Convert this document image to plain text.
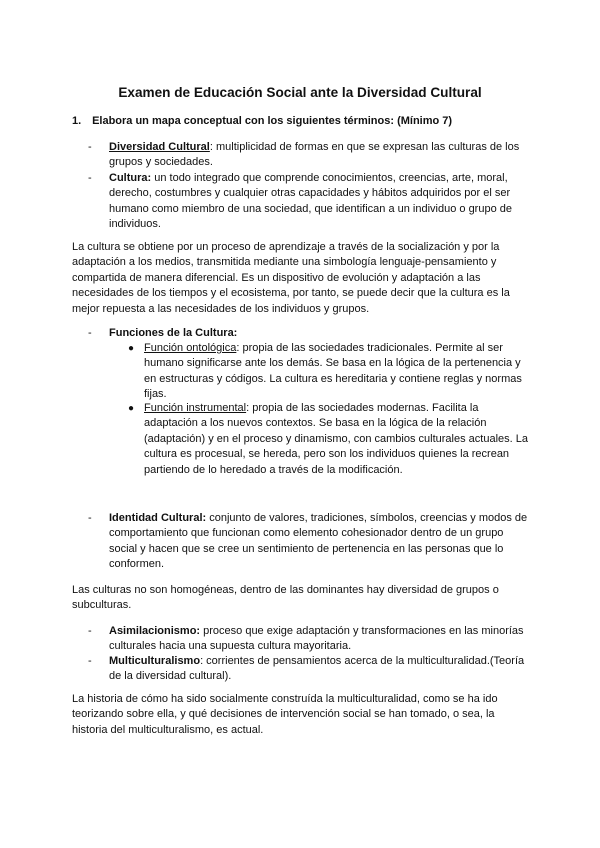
Examen de Educación Social ante la Diversidad Cultural
1. Elabora un mapa conceptual con los siguientes términos: (Mínimo 7)
- Diversidad Cultural: multiplicidad de formas en que se expresan las culturas de los grupos y sociedades.
- Cultura: un todo integrado que comprende conocimientos, creencias, arte, moral, derecho, costumbres y cualquier otras capacidades y hábitos adquiridos por el ser humano como miembro de una sociedad, que identifican a un individuo o grupo de individuos.
La cultura se obtiene por un proceso de aprendizaje a través de la socialización y por la adaptación a los medios, transmitida mediante una simbología lenguaje-pensamiento y compartida de manera diferencial. Es un dispositivo de evolución y adaptación a las necesidades de los tiempos y el ecosistema, por tanto, se puede decir que la cultura es la mejor repuesta a las necesidades de los individuos y grupos.
- Funciones de la Cultura:
● Función ontológica: propia de las sociedades tradicionales. Permite al ser humano significarse ante los demás. Se basa en la lógica de la pertenencia y en estructuras y códigos. La cultura es hereditaria y contiene reglas y normas fijas.
● Función instrumental: propia de las sociedades modernas. Facilita la adaptación a los nuevos contextos. Se basa en la lógica de la relación (adaptación) y en el proceso y dinamismo, con cambios culturales actuales. La cultura es procesual, se hereda, pero son los individuos quienes la recrean partiendo de lo heredado a través de la modificación.
- Identidad Cultural: conjunto de valores, tradiciones, símbolos, creencias y modos de comportamiento que funcionan como elemento cohesionador dentro de un grupo social y hacen que se cree un sentimiento de pertenencia en las personas que lo conformen.
Las culturas no son homogéneas, dentro de las dominantes hay diversidad de grupos o subculturas.
- Asimilacionismo: proceso que exige adaptación y transformaciones en las minorías culturales hacia una supuesta cultura mayoritaria.
- Multiculturalismo: corrientes de pensamientos acerca de la multiculturalidad.(Teoría de la diversidad cultural).
La historia de cómo ha sido socialmente construída la multiculturalidad, como se ha ido teorizando sobre ella, y qué decisiones de intervención social se han tomado, o sea, la historia del multiculturalismo, es actual.
